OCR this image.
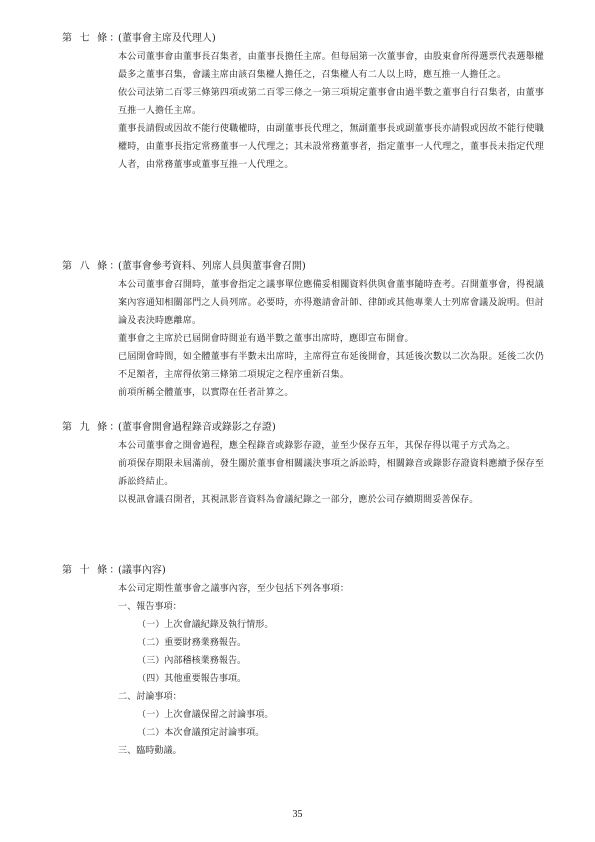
第 七 條：
(董事會主席及代理人)

本公司董事會由董事長召集者，由董事長擔任主席。但每屆第一次董事會，由股東會所得選票代表選舉權最多之董事召集，會議主席由該召集權人擔任之，召集權人有二人以上時，應互推一人擔任之。

依公司法第二百零三條第四項或第二百零三條之一第三項規定董事會由過半數之董事自行召集者，由董事互推一人擔任主席。

董事長請假或因故不能行使職權時，由副董事長代理之，無副董事長或副董事長亦請假或因故不能行使職權時，由董事長指定常務董事一人代理之；其未設常務董事者，指定董事一人代理之，董事長未指定代理人者，由常務董事或董事互推一人代理之。

第 八 條：
(董事會參考資料、列席人員與董事會召開)

本公司董事會召開時，董事會指定之議事單位應備妥相關資料供與會董事隨時查考。召開董事會，得視議案內容通知相關部門之人員列席。必要時，亦得邀請會計師、律師或其他專業人士列席會議及說明。但討論及表決時應離席。

董事會之主席於已屆開會時間並有過半數之董事出席時，應即宣布開會。

已屆開會時間，如全體董事有半數未出席時，主席得宣布延後開會，其延後次數以二次為限。延後二次仍不足額者，主席得依第三條第二項規定之程序重新召集。

前項所稱全體董事，以實際在任者計算之。

第 九 條：
(董事會開會過程錄音或錄影之存證)

本公司董事會之開會過程，應全程錄音或錄影存證，並至少保存五年，其保存得以電子方式為之。

前項保存期限未屆滿前，發生關於董事會相關議決事項之訴訟時，相關錄音或錄影存證資料應續予保存至訴訟終結止。

以視訊會議召開者，其視訊影音資料為會議紀錄之一部分，應於公司存續期間妥善保存。

第 十 條：
(議事內容)

本公司定期性董事會之議事內容，至少包括下列各事項：

一、報告事項：
（一）上次會議紀錄及執行情形。
（二）重要財務業務報告。
（三）內部稽核業務報告。
（四）其他重要報告事項。
二、討論事項：
（一）上次會議保留之討論事項。
（二）本次會議預定討論事項。
三、臨時動議。
35
